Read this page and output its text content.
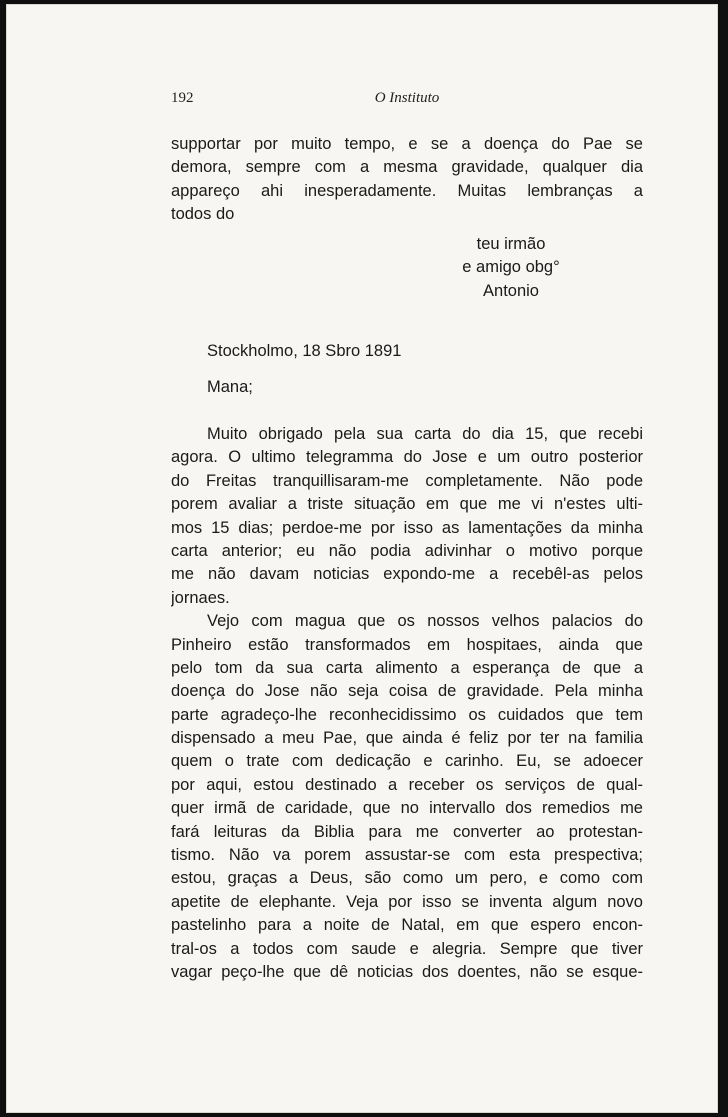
192	O Instituto
supportar por muito tempo, e se a doença do Pae se
demora, sempre com a mesma gravidade, qualquer dia
appareço ahi inesperadamente. Muitas lembranças a
todos do
teu irmão
e amigo obg°
Antonio
Stockholmo, 18 Sbro 1891
Mana;
Muito obrigado pela sua carta do dia 15, que recebi
agora. O ultimo telegramma do Jose e um outro posterior
do Freitas tranquillisaram-me completamente. Não pode
porem avaliar a triste situação em que me vi n'estes ulti-
mos 15 dias; perdoe-me por isso as lamentações da minha
carta anterior; eu não podia adivinhar o motivo porque
me não davam noticias expondo-me a recebêl-as pelos
jornaes.
Vejo com magua que os nossos velhos palacios do
Pinheiro estão transformados em hospitaes, ainda que
pelo tom da sua carta alimento a esperança de que a
doença do Jose não seja coisa de gravidade. Pela minha
parte agradeço-lhe reconhecidissimo os cuidados que tem
dispensado a meu Pae, que ainda é feliz por ter na familia
quem o trate com dedicação e carinho. Eu, se adoecer
por aqui, estou destinado a receber os serviços de qual-
quer irmã de caridade, que no intervallo dos remedios me
fará leituras da Biblia para me converter ao protestan-
tismo. Não va porem assustar-se com esta prespectiva;
estou, graças a Deus, são como um pero, e como com
apetite de elephante. Veja por isso se inventa algum novo
pastelinho para a noite de Natal, em que espero encon-
tral-os a todos com saude e alegria. Sempre que tiver
vagar peço-lhe que dê noticias dos doentes, não se esque-
